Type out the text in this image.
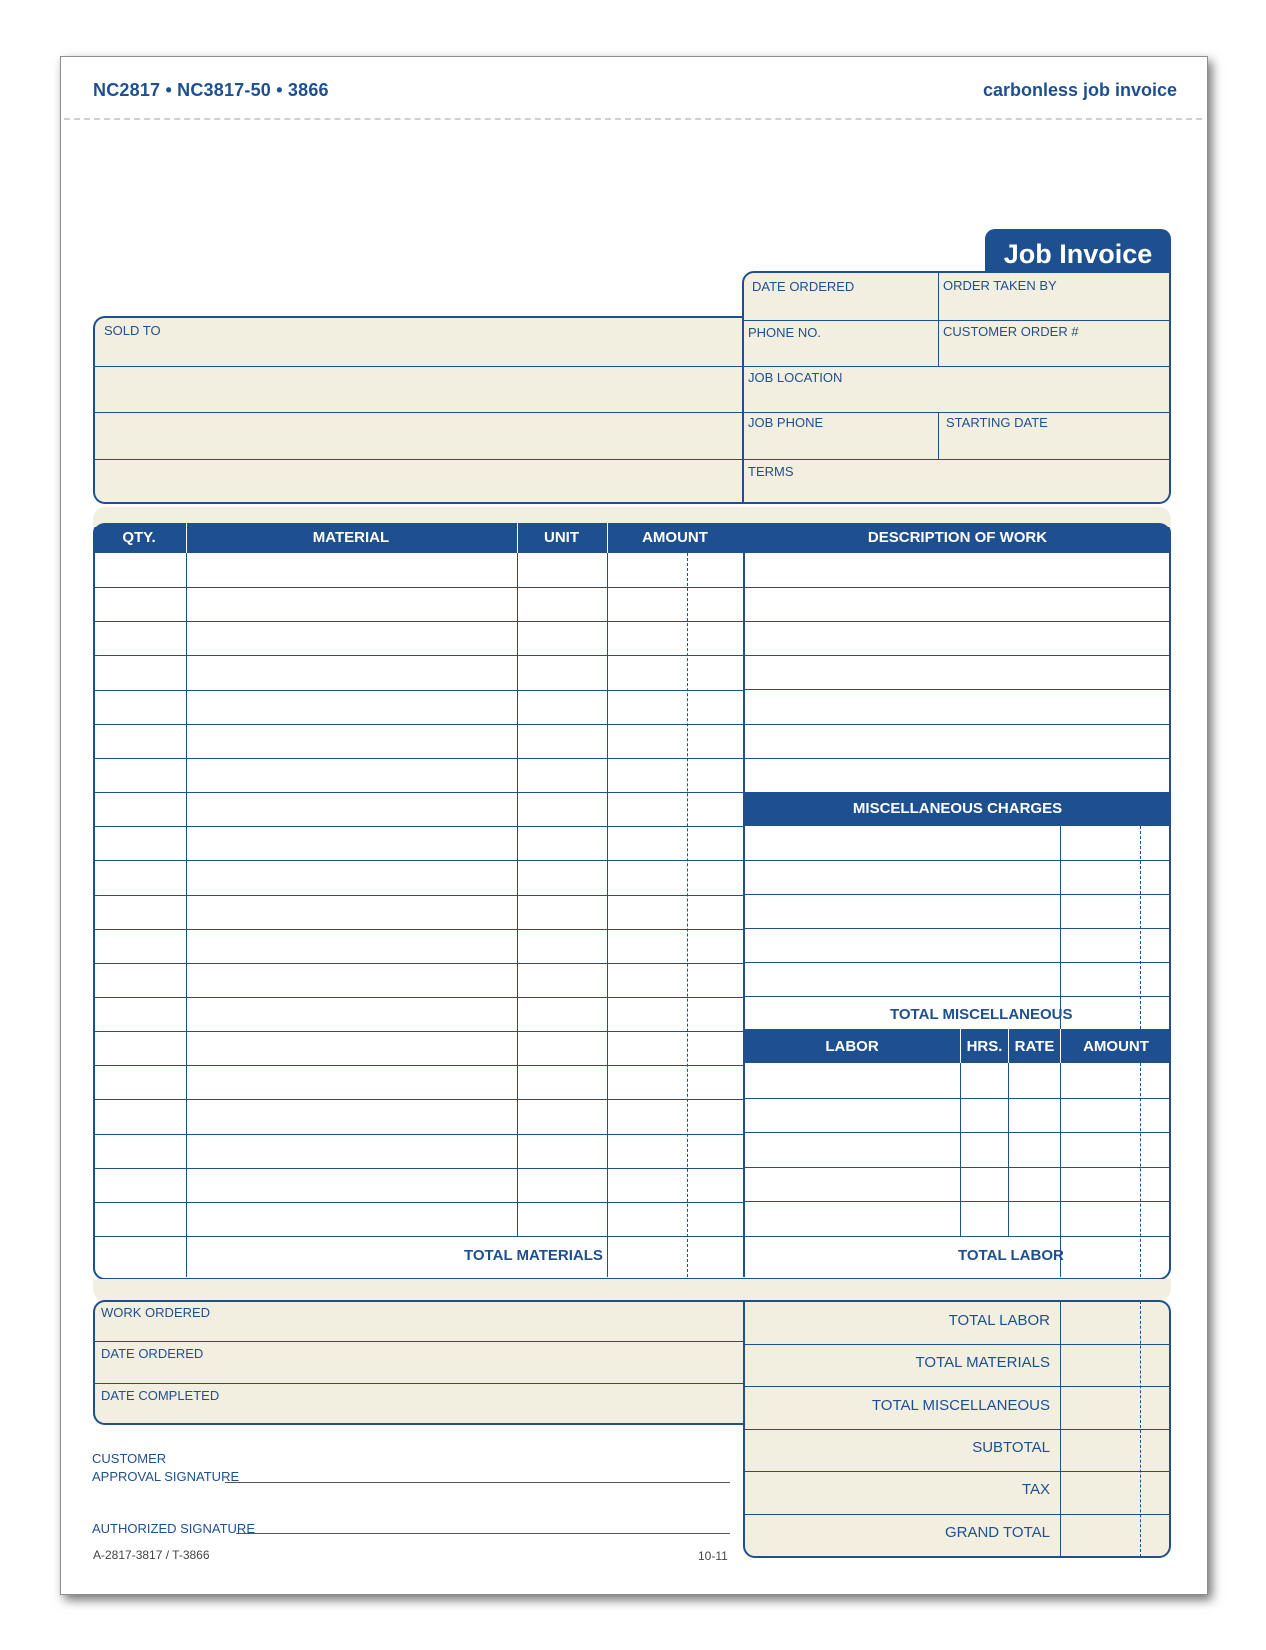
NC2817 • NC3817-50 • 3866	carbonless job invoice
Job Invoice
SOLD TO
DATE ORDERED	ORDER TAKEN BY
PHONE NO.	CUSTOMER ORDER #
JOB LOCATION
JOB PHONE	STARTING DATE
TERMS
DESCRIPTION OF WORK
QTY.	MATERIAL	UNIT	AMOUNT
TOTAL MATERIALS
MISCELLANEOUS CHARGES
TOTAL MISCELLANEOUS
LABOR	HRS. RATE	AMOUNT
TOTAL LABOR
WORK ORDERED
DATE ORDERED
DATE COMPLETED
TOTAL LABOR
TOTAL MATERIALS
TOTAL MISCELLANEOUS
SUBTOTAL
TAX
GRAND TOTAL
CUSTOMER
APPROVAL SIGNATURE
AUTHORIZED SIGNATURE
A-2817-3817 / T-3866	10-11
